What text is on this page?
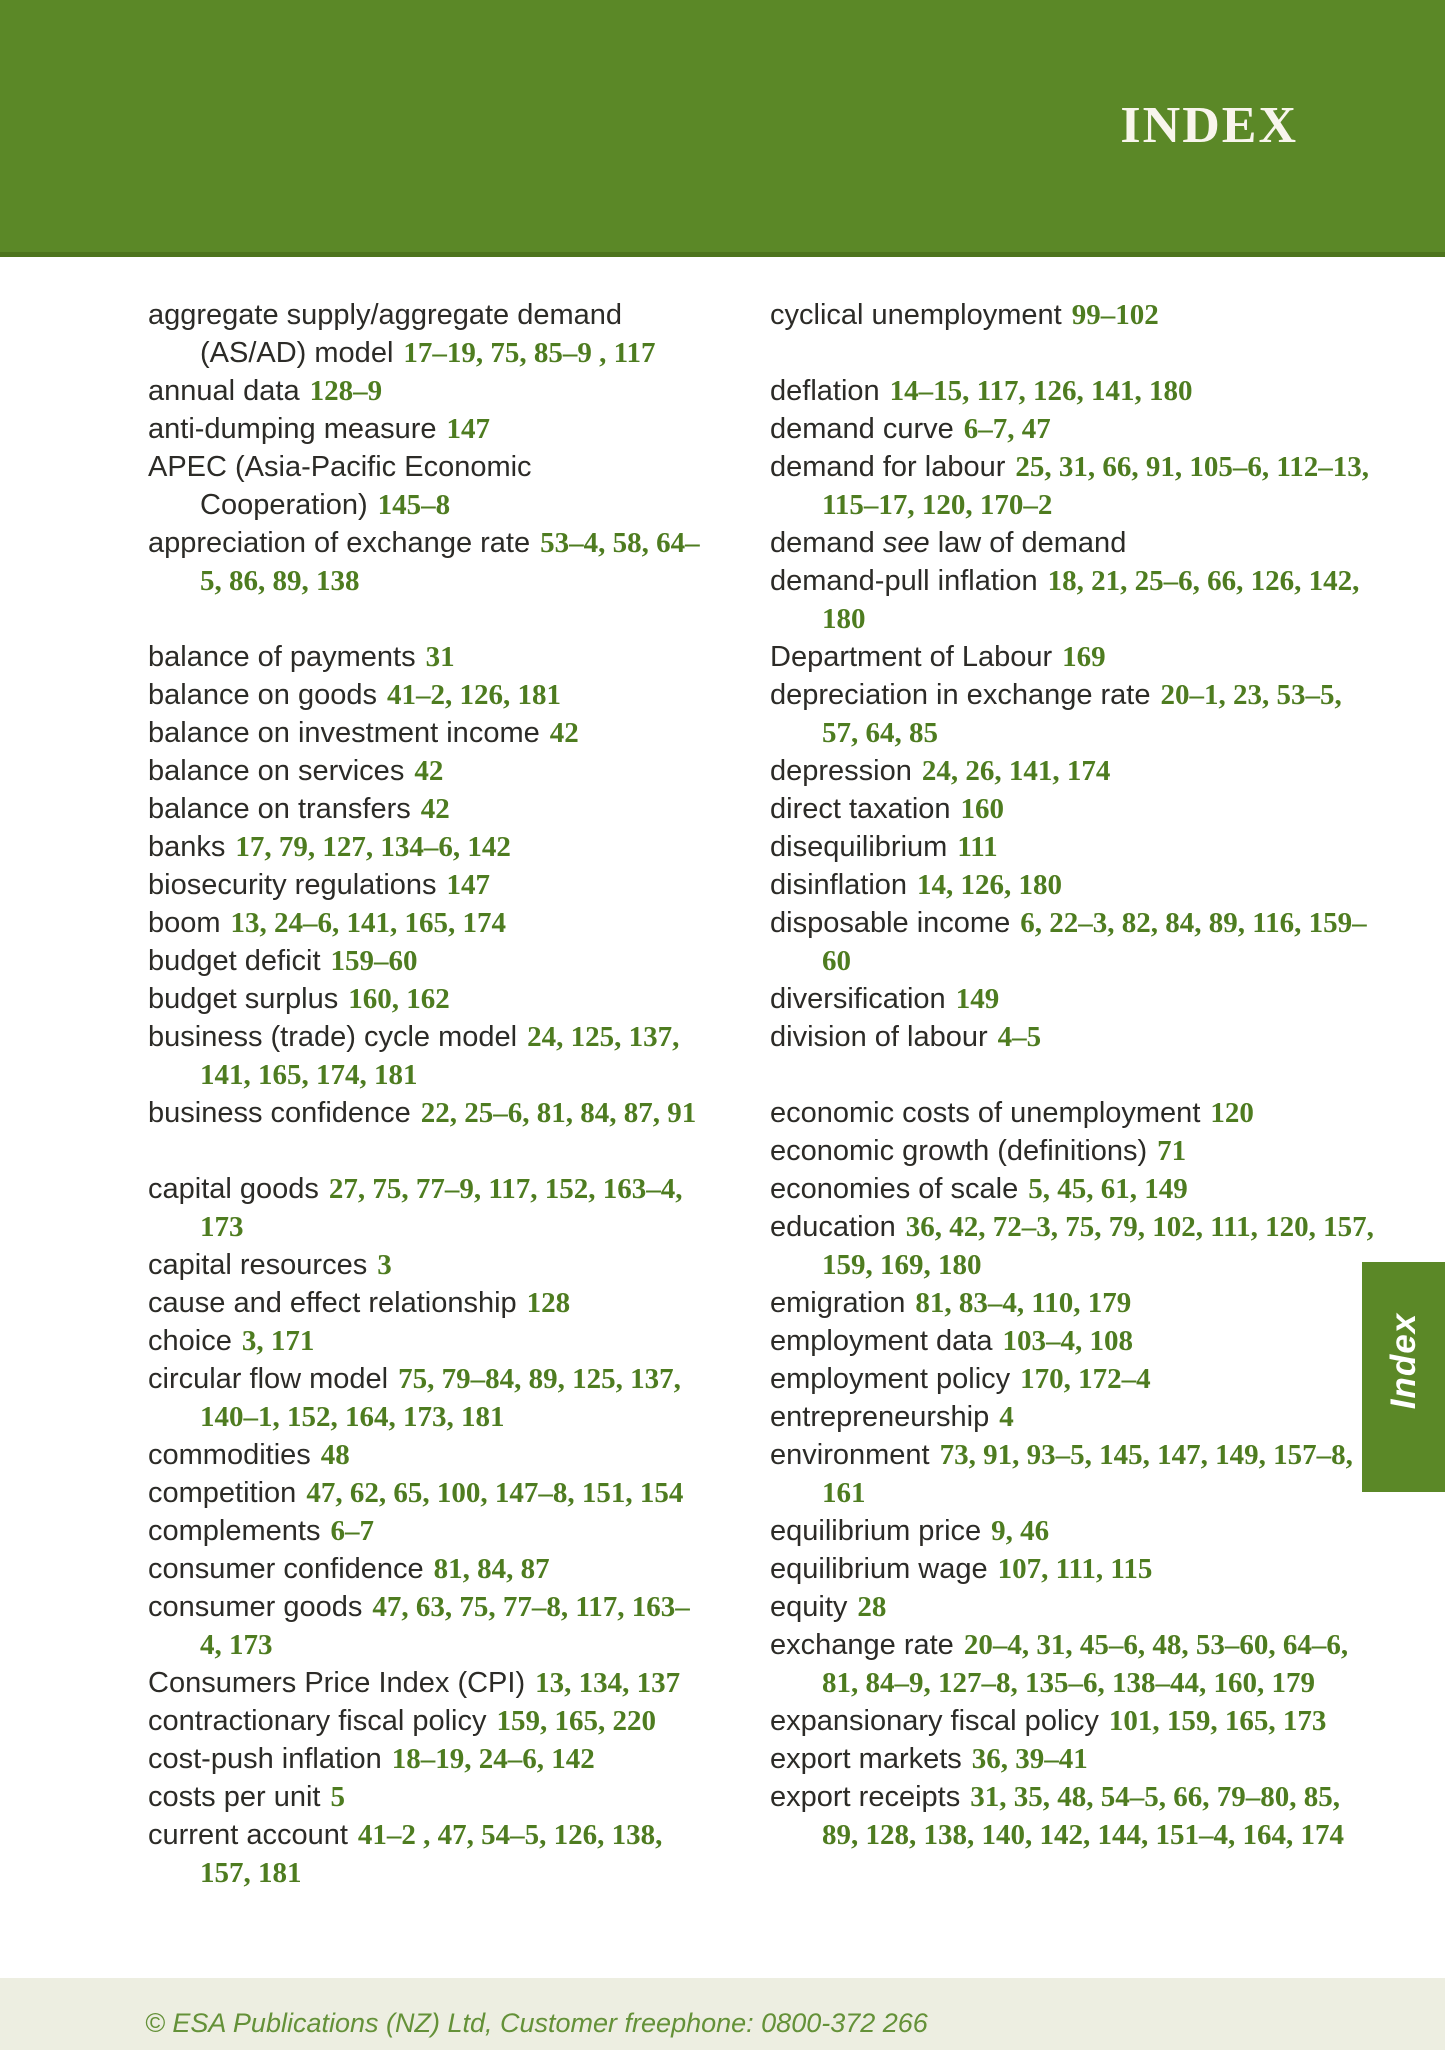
INDEX

aggregate supply/aggregate demand (AS/AD) model 17–19, 75, 85–9 , 117

annual data 128–9

anti-dumping measure 147

APEC (Asia-Pacific Economic Cooperation) 145–8

appreciation of exchange rate 53–4, 58, 64–5, 86, 89, 138

balance of payments 31

balance on goods 41–2, 126, 181

balance on investment income 42

balance on services 42

balance on transfers 42

banks 17, 79, 127, 134–6, 142

biosecurity regulations 147

boom 13, 24–6, 141, 165, 174

budget deficit 159–60

budget surplus 160, 162

business (trade) cycle model 24, 125, 137, 141, 165, 174, 181

business confidence 22, 25–6, 81, 84, 87, 91

capital goods 27, 75, 77–9, 117, 152, 163–4, 173

capital resources 3

cause and effect relationship 128

choice 3, 171

circular flow model 75, 79–84, 89, 125, 137, 140–1, 152, 164, 173, 181

commodities 48

competition 47, 62, 65, 100, 147–8, 151, 154

complements 6–7

consumer confidence 81, 84, 87

consumer goods 47, 63, 75, 77–8, 117, 163–4, 173

Consumers Price Index (CPI) 13, 134, 137

contractionary fiscal policy 159, 165, 220

cost-push inflation 18–19, 24–6, 142

costs per unit 5

current account 41–2 , 47, 54–5, 126, 138, 157, 181

cyclical unemployment 99–102

deflation 14–15, 117, 126, 141, 180

demand curve 6–7, 47

demand for labour 25, 31, 66, 91, 105–6, 112–13, 115–17, 120, 170–2

demand see law of demand

demand-pull inflation 18, 21, 25–6, 66, 126, 142, 180

Department of Labour 169

depreciation in exchange rate 20–1, 23, 53–5, 57, 64, 85

depression 24, 26, 141, 174

direct taxation 160

disequilibrium 111

disinflation 14, 126, 180

disposable income 6, 22–3, 82, 84, 89, 116, 159–60

diversification 149

division of labour 4–5

economic costs of unemployment 120

economic growth (definitions) 71

economies of scale 5, 45, 61, 149

education 36, 42, 72–3, 75, 79, 102, 111, 120, 157, 159, 169, 180

emigration 81, 83–4, 110, 179

employment data 103–4, 108

employment policy 170, 172–4

entrepreneurship 4

environment 73, 91, 93–5, 145, 147, 149, 157–8, 161

equilibrium price 9, 46

equilibrium wage 107, 111, 115

equity 28

exchange rate 20–4, 31, 45–6, 48, 53–60, 64–6, 81, 84–9, 127–8, 135–6, 138–44, 160, 179

expansionary fiscal policy 101, 159, 165, 173

export markets 36, 39–41

export receipts 31, 35, 48, 54–5, 66, 79–80, 85, 89, 128, 138, 140, 142, 144, 151–4, 164, 174

Index
© ESA Publications (NZ) Ltd, Customer freephone: 0800-372 266
